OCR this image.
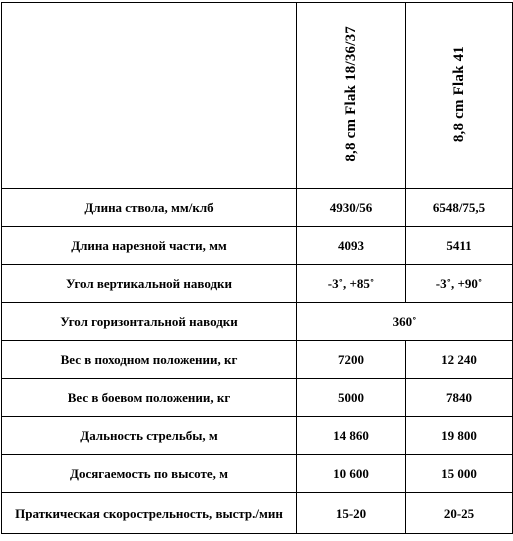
	8,8 cm Flak 18/36/37	8,8 cm Flak 41
Длина ствола, мм/клб	4930/56	6548/75,5
Длина нарезной части, мм	4093	5411
Угол вертикальной наводки	-3˚, +85˚	-3˚, +90˚
Угол горизонтальной наводки	360˚	
Вес в походном положении, кг	7200	12 240
Вес в боевом положении, кг	5000	7840
Дальность стрельбы, м	14 860	19 800
Досягаемость по высоте, м	10 600	15 000
Праткическая скорострельность, выстр./мин	15-20	20-25
